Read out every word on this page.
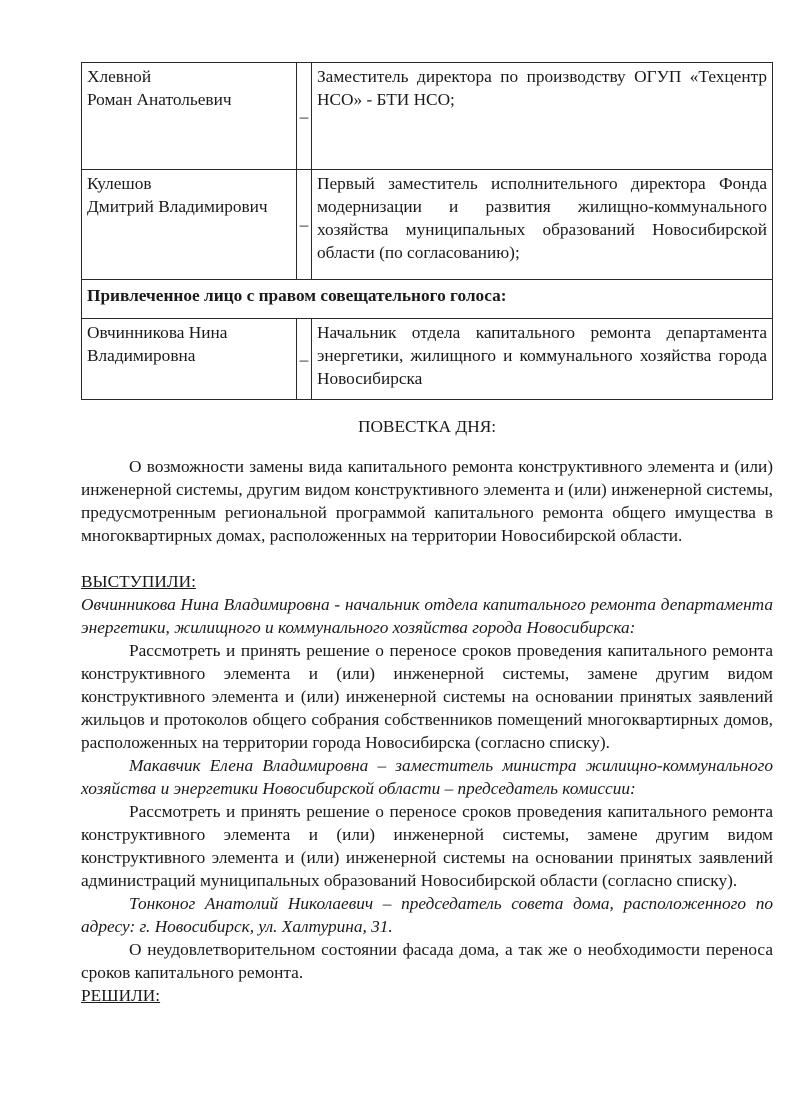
Хлевной
Роман Анатольевич	–	Заместитель директора по производству ОГУП «Техцентр НСО» - БТИ НСО;

Кулешов
Дмитрий Владимирович	–	Первый заместитель исполнительного директора Фонда модернизации и развития жилищно-коммунального хозяйства муниципальных образований Новосибирской области (по согласованию);
Привлеченное лицо с правом совещательного голоса:		

Овчинникова Нина
Владимировна	–	Начальник отдела капитального ремонта департамента энергетики, жилищного и коммунального хозяйства города Новосибирска
ПОВЕСТКА ДНЯ:

О возможности замены вида капитального ремонта конструктивного элемента и (или) инженерной системы, другим видом конструктивного элемента и (или) инженерной системы, предусмотренным региональной программой капитального ремонта общего имущества в многоквартирных домах, расположенных на территории Новосибирской области.

ВЫСТУПИЛИ:

Овчинникова Нина Владимировна - начальник отдела капитального ремонта департамента энергетики, жилищного и коммунального хозяйства города Новосибирска:

Рассмотреть и принять решение о переносе сроков проведения капитального ремонта конструктивного элемента и (или) инженерной системы, замене другим видом конструктивного элемента и (или) инженерной системы на основании принятых заявлений жильцов и протоколов общего собрания собственников помещений многоквартирных домов, расположенных на территории города Новосибирска (согласно списку).

Макавчик Елена Владимировна – заместитель министра жилищно-коммунального хозяйства и энергетики Новосибирской области – председатель комиссии:

Рассмотреть и принять решение о переносе сроков проведения капитального ремонта конструктивного элемента и (или) инженерной системы, замене другим видом конструктивного элемента и (или) инженерной системы на основании принятых заявлений администраций муниципальных образований Новосибирской области (согласно списку).

Тонконог Анатолий Николаевич – председатель совета дома, расположенного по адресу: г. Новосибирск, ул. Халтурина, 31.

О неудовлетворительном состоянии фасада дома, а так же о необходимости переноса сроков капитального ремонта.

РЕШИЛИ:
